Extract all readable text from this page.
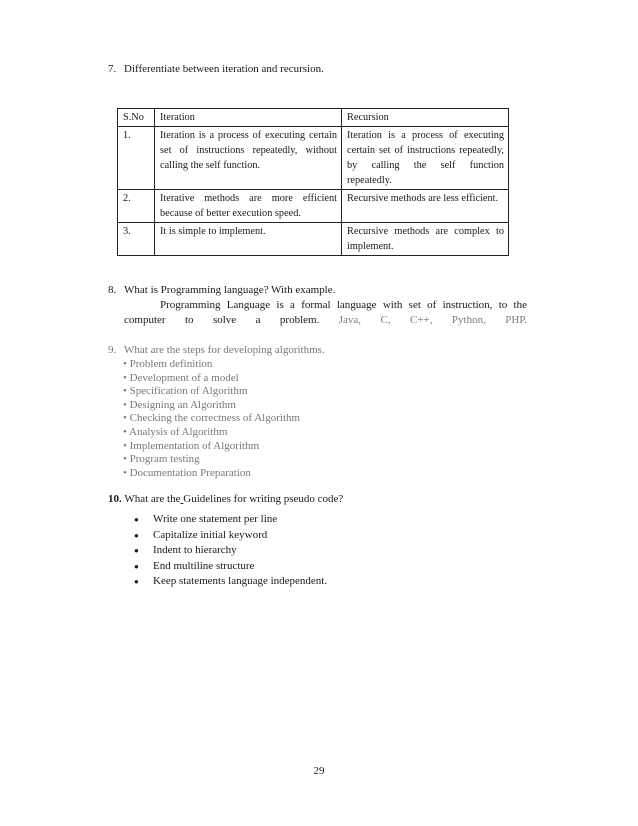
7. Differentiate between iteration and recursion.
S.No	Iteration	Recursion
1.	Iteration is a process of executing certain set of instructions repeatedly, without calling the self function.	Iteration is a process of executing certain set of instructions repeatedly, by calling the self function repeatedly.
2.	Iterative methods are more efficient because of better execution speed.	Recursive methods are less efficient.
3.	It is simple to implement.	Recursive methods are complex to implement.
8. What is Programming language? With example.
Programming Language is a formal language with set of instruction, to the computer to solve a problem. Java, C, C++, Python, PHP.
9. What are the steps for developing algorithms.
• Problem definition
• Development of a model
• Specification of Algorithm
• Designing an Algorithm
• Checking the correctness of Algorithm
• Analysis of Algorithm
• Implementation of Algorithm
• Program testing
• Documentation Preparation
10. What are the Guidelines for writing pseudo code?
● Write one statement per line
● Capitalize initial keyword
● Indent to hierarchy
● End multiline structure
● Keep statements language independent.
29
